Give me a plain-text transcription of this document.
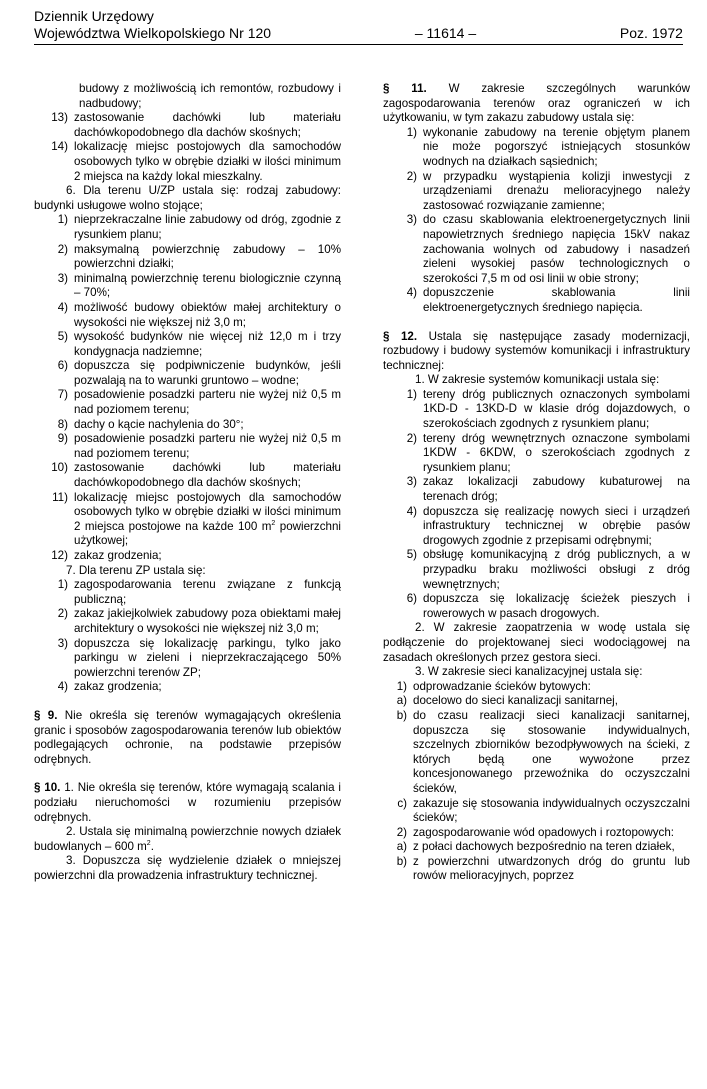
Dziennik Urzędowy
Województwa Wielkopolskiego Nr 120	– 11614 –	Poz. 1972
budowy z możliwością ich remontów, rozbudowy i nadbudowy;
13) zastosowanie dachówki lub materiału dachówkopodobnego dla dachów skośnych;
14) lokalizację miejsc postojowych dla samochodów osobowych tylko w obrębie działki w ilości minimum 2 miejsca na każdy lokal mieszkalny.

6. Dla terenu U/ZP ustala się: rodzaj zabudowy: budynki usługowe wolno stojące;

1) nieprzekraczalne linie zabudowy od dróg, zgodnie z rysunkiem planu;
2) maksymalną powierzchnię zabudowy – 10% powierzchni działki;
3) minimalną powierzchnię terenu biologicznie czynną – 70%;
4) możliwość budowy obiektów małej architektury o wysokości nie większej niż 3,0 m;
5) wysokość budynków nie więcej niż 12,0 m i trzy kondygnacja nadziemne;
6) dopuszcza się podpiwniczenie budynków, jeśli pozwalają na to warunki gruntowo – wodne;
7) posadowienie posadzki parteru nie wyżej niż 0,5 m nad poziomem terenu;
8) dachy o kącie nachylenia do 30°;
9) posadowienie posadzki parteru nie wyżej niż 0,5 m nad poziomem terenu;
10) zastosowanie dachówki lub materiału dachówkopodobnego dla dachów skośnych;
11) lokalizację miejsc postojowych dla samochodów osobowych tylko w obrębie działki w ilości minimum 2 miejsca postojowe na każde 100 $m^2$ powierzchni użytkowej;
12) zakaz grodzenia;

7. Dla terenu ZP ustala się:

1) zagospodarowania terenu związane z funkcją publiczną;
2) zakaz jakiejkolwiek zabudowy poza obiektami małej architektury o wysokości nie większej niż 3,0 m;
3) dopuszcza się lokalizację parkingu, tylko jako parkingu w zieleni i nieprzekraczającego 50% powierzchni terenów ZP;
4) zakaz grodzenia;

§ 9. Nie określa się terenów wymagających określenia granic i sposobów zagospodarowania terenów lub obiektów podlegających ochronie, na podstawie przepisów odrębnych.

§ 10. 1. Nie określa się terenów, które wymagają scalania i podziału nieruchomości w rozumieniu przepisów odrębnych.

2. Ustala się minimalną powierzchnie nowych działek budowlanych – 600 $m^2$.

3. Dopuszcza się wydzielenie działek o mniejszej powierzchni dla prowadzenia infrastruktury technicznej.

§ 11. W zakresie szczególnych warunków zagospodarowania terenów oraz ograniczeń w ich użytkowaniu, w tym zakazu zabudowy ustala się:

1) wykonanie zabudowy na terenie objętym planem nie może pogorszyć istniejących stosunków wodnych na działkach sąsiednich;
2) w przypadku wystąpienia kolizji inwestycji z urządzeniami drenażu melioracyjnego należy zastosować rozwiązanie zamienne;
3) do czasu skablowania elektroenergetycznych linii napowietrznych średniego napięcia 15kV nakaz zachowania wolnych od zabudowy i nasadzeń zieleni wysokiej pasów technologicznych o szerokości 7,5 m od osi linii w obie strony;
4) dopuszczenie skablowania linii elektroenergetycznych średniego napięcia.

§ 12. Ustala się następujące zasady modernizacji, rozbudowy i budowy systemów komunikacji i infrastruktury technicznej:

1. W zakresie systemów komunikacji ustala się:

1) tereny dróg publicznych oznaczonych symbolami 1KD-D - 13KD-D w klasie dróg dojazdowych, o szerokościach zgodnych z rysunkiem planu;
2) tereny dróg wewnętrznych oznaczone symbolami 1KDW - 6KDW, o szerokościach zgodnych z rysunkiem planu;
3) zakaz lokalizacji zabudowy kubaturowej na terenach dróg;
4) dopuszcza się realizację nowych sieci i urządzeń infrastruktury technicznej w obrębie pasów drogowych zgodnie z przepisami odrębnymi;
5) obsługę komunikacyjną z dróg publicznych, a w przypadku braku możliwości obsługi z dróg wewnętrznych;
6) dopuszcza się lokalizację ścieżek pieszych i rowerowych w pasach drogowych.

2. W zakresie zaopatrzenia w wodę ustala się podłączenie do projektowanej sieci wodociągowej na zasadach określonych przez gestora sieci.

3. W zakresie sieci kanalizacyjnej ustala się:

1) odprowadzanie ścieków bytowych:
a) docelowo do sieci kanalizacji sanitarnej,
b) do czasu realizacji sieci kanalizacji sanitarnej, dopuszcza się stosowanie indywidualnych, szczelnych zbiorników bezodpływowych na ścieki, z których będą one wywożone przez koncesjonowanego przewoźnika do oczyszczalni ścieków,
c) zakazuje się stosowania indywidualnych oczyszczalni ścieków;
2) zagospodarowanie wód opadowych i roztopowych:
a) z połaci dachowych bezpośrednio na teren działek,
b) z powierzchni utwardzonych dróg do gruntu lub rowów melioracyjnych, poprzez
